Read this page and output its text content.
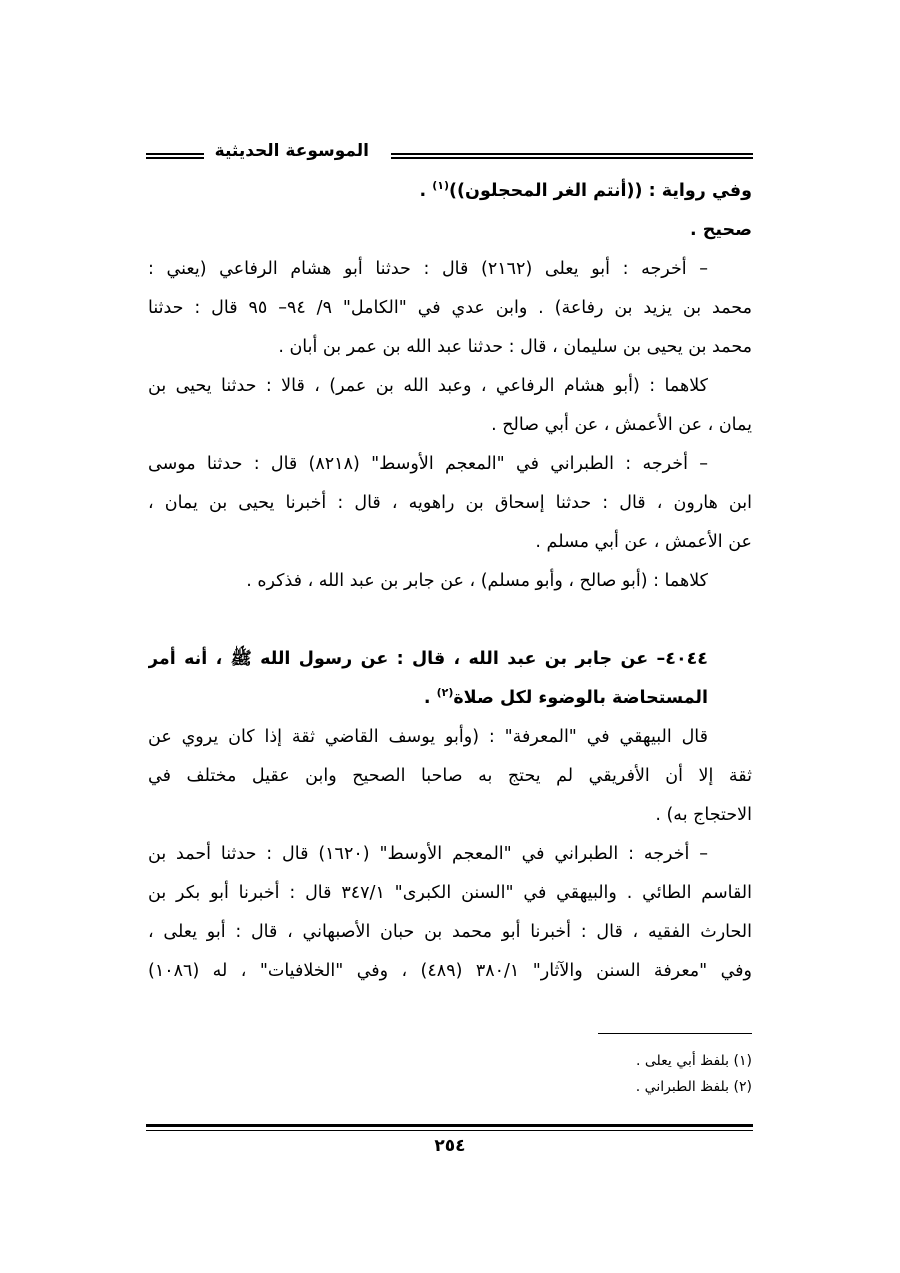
الموسوعة الحديثية
وفي رواية : ((أنتم الغر المحجلون))$^{(١)}$ .
صحيح .
– أخرجه : أبو يعلى (٢١٦٢) قال : حدثنا أبو هشام الرفاعي (يعني :
محمد بن يزيد بن رفاعة) . وابن عدي في "الكامل" ٩/ ٩٤– ٩٥ قال : حدثنا
محمد بن يحيى بن سليمان ، قال : حدثنا عبد الله بن عمر بن أبان .
كلاهما : (أبو هشام الرفاعي ، وعبد الله بن عمر) ، قالا : حدثنا يحيى بن
يمان ، عن الأعمش ، عن أبي صالح .
– أخرجه : الطبراني في "المعجم الأوسط" (٨٢١٨) قال : حدثنا موسى
ابن هارون ، قال : حدثنا إسحاق بن راهويه ، قال : أخبرنا يحيى بن يمان ،
عن الأعمش ، عن أبي مسلم .
كلاهما : (أبو صالح ، وأبو مسلم) ، عن جابر بن عبد الله ، فذكره .
٤٠٤٤– عن جابر بن عبد الله ، قال : عن رسول الله ﷺ ، أنه أمر
المستحاضة بالوضوء لكل صلاة$^{(٢)}$ .
قال البيهقي في "المعرفة" : (وأبو يوسف القاضي ثقة إذا كان يروي عن
ثقة إلا أن الأفريقي لم يحتج به صاحبا الصحيح وابن عقيل مختلف في
الاحتجاج به) .
– أخرجه : الطبراني في "المعجم الأوسط" (١٦٢٠) قال : حدثنا أحمد بن
القاسم الطائي . والبيهقي في "السنن الكبرى" ٣٤٧/١ قال : أخبرنا أبو بكر بن
الحارث الفقيه ، قال : أخبرنا أبو محمد بن حبان الأصبهاني ، قال : أبو يعلى ،
وفي "معرفة السنن والآثار" ٣٨٠/١ (٤٨٩) ، وفي "الخلافيات" ، له (١٠٨٦)
(١) بلفظ أبي يعلى .
(٢) بلفظ الطبراني .
٢٥٤
